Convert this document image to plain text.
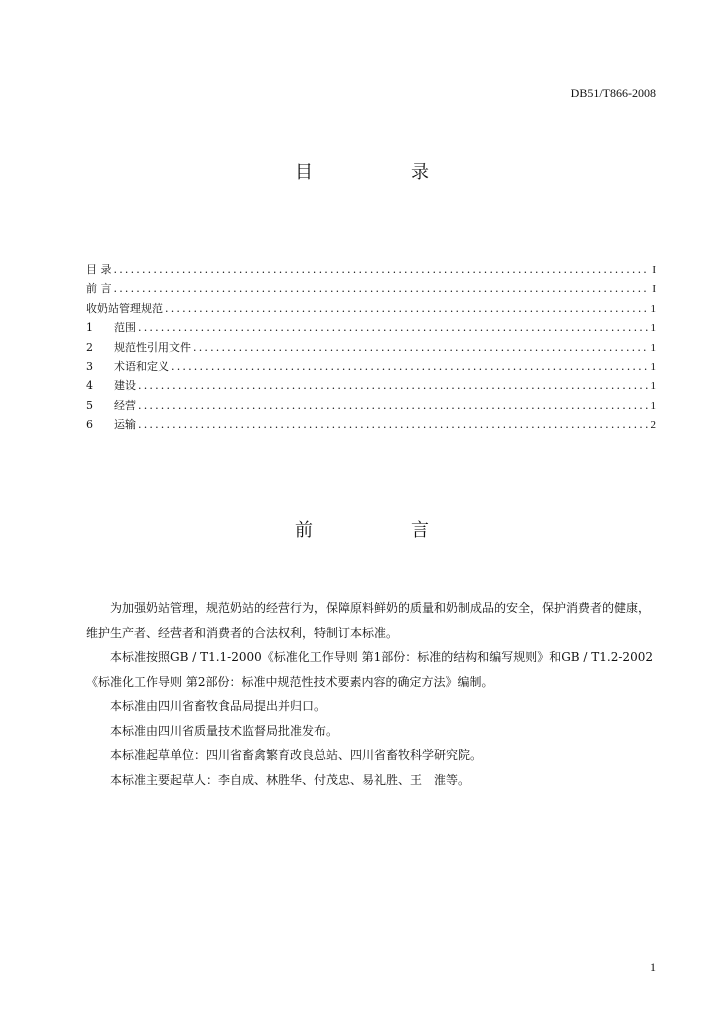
DB51/T866-2008
目　录
目 录 .....	I
前 言 .....	I
收奶站管理规范 .....	1
1	范围 .....	1
2	规范性引用文件 .....	1
3	术语和定义 .....	1
4	建设 .....	1
5	经营 .....	1
6	运输 .....	2
前　言

为加强奶站管理，规范奶站的经营行为，保障原料鲜奶的质量和奶制成品的安全，保护消费者的健康，维护生产者、经营者和消费者的合法权利，特制订本标准。

本标准按照GB / T1.1-2000《标准化工作导则 第1部份：标准的结构和编写规则》和GB / T1.2-2002《标准化工作导则 第2部份：标准中规范性技术要素内容的确定方法》编制。

本标准由四川省畜牧食品局提出并归口。

本标准由四川省质量技术监督局批准发布。

本标准起草单位：四川省畜禽繁育改良总站、四川省畜牧科学研究院。

本标准主要起草人：李自成、林胜华、付茂忠、易礼胜、王　淮等。

1
